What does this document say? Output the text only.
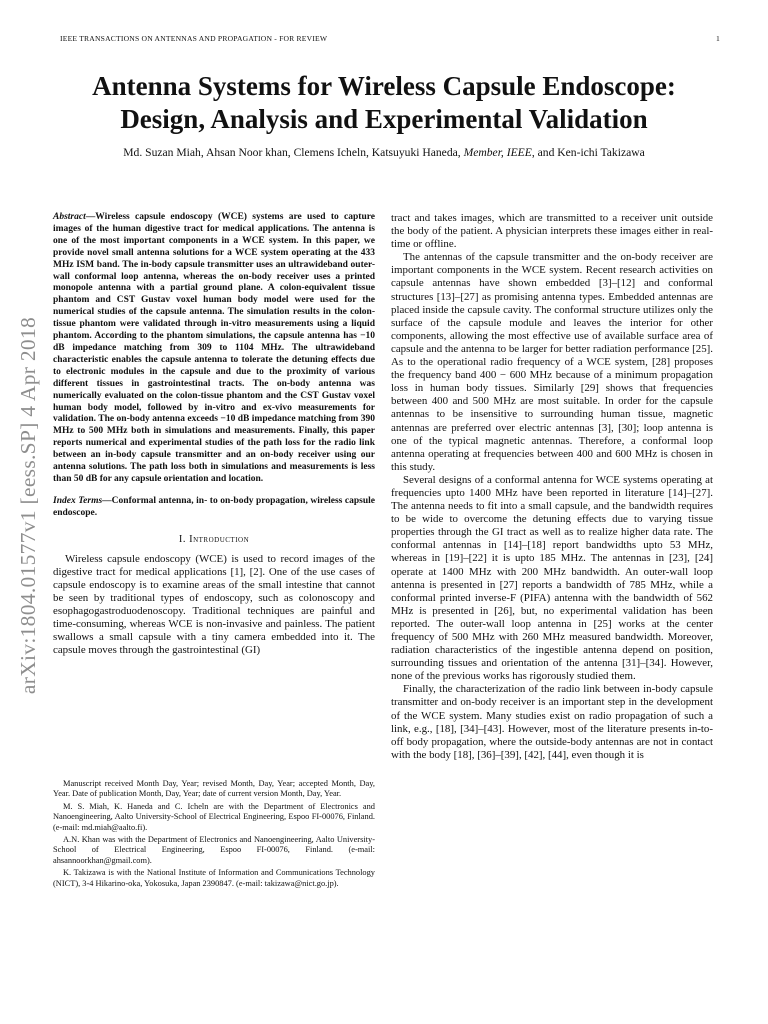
IEEE TRANSACTIONS ON ANTENNAS AND PROPAGATION - FOR REVIEW	1
arXiv:1804.01577v1 [eess.SP] 4 Apr 2018
Antenna Systems for Wireless Capsule Endoscope:
Design, Analysis and Experimental Validation
Md. Suzan Miah, Ahsan Noor khan, Clemens Icheln, Katsuyuki Haneda, Member, IEEE, and Ken-ichi Takizawa

Abstract—Wireless capsule endoscopy (WCE) systems are used to capture images of the human digestive tract for medical applications. The antenna is one of the most important components in a WCE system. In this paper, we provide novel small antenna solutions for a WCE system operating at the 433 MHz ISM band. The in-body capsule transmitter uses an ultrawideband outer-wall conformal loop antenna, whereas the on-body receiver uses a printed monopole antenna with a partial ground plane. A colon-equivalent tissue phantom and CST Gustav voxel human body model were used for the numerical studies of the capsule antenna. The simulation results in the colon-tissue phantom were validated through in-vitro measurements using a liquid phantom. According to the phantom simulations, the capsule antenna has −10 dB impedance matching from 309 to 1104 MHz. The ultrawideband characteristic enables the capsule antenna to tolerate the detuning effects due to electronic modules in the capsule and due to the proximity of various different tissues in gastrointestinal tracts. The on-body antenna was numerically evaluated on the colon-tissue phantom and the CST Gustav voxel human body model, followed by in-vitro and ex-vivo measurements for validation. The on-body antenna exceeds −10 dB impedance matching from 390 MHz to 500 MHz both in simulations and measurements. Finally, this paper reports numerical and experimental studies of the path loss for the radio link between an in-body capsule transmitter and an on-body receiver using our antenna solutions. The path loss both in simulations and measurements is less than 50 dB for any capsule orientation and location.

Index Terms—Conformal antenna, in- to on-body propagation, wireless capsule endoscope.

I. Introduction

Wireless capsule endoscopy (WCE) is used to record images of the digestive tract for medical applications [1], [2]. One of the use cases of capsule endoscopy is to examine areas of the small intestine that cannot be seen by traditional types of endoscopy, such as colonoscopy and esophagogastroduodenoscopy. Traditional techniques are painful and time-consuming, whereas WCE is non-invasive and painless. The patient swallows a small capsule with a tiny camera embedded into it. The capsule moves through the gastrointestinal (GI)

Manuscript received Month Day, Year; revised Month, Day, Year; accepted Month, Day, Year. Date of publication Month, Day, Year; date of current version Month, Day, Year.

M. S. Miah, K. Haneda and C. Icheln are with the Department of Electronics and Nanoengineering, Aalto University-School of Electrical Engineering, Espoo FI-00076, Finland. (e-mail: md.miah@aalto.fi).

A.N. Khan was with the Department of Electronics and Nanoengineering, Aalto University-School of Electrical Engineering, Espoo FI-00076, Finland. (e-mail: ahsannoorkhan@gmail.com).

K. Takizawa is with the National Institute of Information and Communications Technology (NICT), 3-4 Hikarino-oka, Yokosuka, Japan 2390847. (e-mail: takizawa@nict.go.jp).

tract and takes images, which are transmitted to a receiver unit outside the body of the patient. A physician interprets these images either in real-time or offline.

The antennas of the capsule transmitter and the on-body receiver are important components in the WCE system. Recent research activities on capsule antennas have shown embedded [3]–[12] and conformal structures [13]–[27] as promising antenna types. Embedded antennas are placed inside the capsule cavity. The conformal structure utilizes only the surface of the capsule module and leaves the interior for other components, allowing the most effective use of available surface area of capsule and the antenna to be larger for better radiation performance [25]. As to the operational radio frequency of a WCE system, [28] proposes the frequency band 400 − 600 MHz because of a minimum propagation loss in human body tissues. Similarly [29] shows that frequencies between 400 and 500 MHz are most suitable. In order for the capsule antennas to be insensitive to surrounding human tissue, magnetic antennas are preferred over electric antennas [3], [30]; loop antenna is one of the typical magnetic antennas. Therefore, a conformal loop antenna operating at frequencies between 400 and 600 MHz is chosen in this study.

Several designs of a conformal antenna for WCE systems operating at frequencies upto 1400 MHz have been reported in literature [14]–[27]. The antenna needs to fit into a small capsule, and the bandwidth requires to be wide to overcome the detuning effects due to varying tissue properties through the GI tract as well as to realize higher data rate. The conformal antennas in [14]–[18] report bandwidths upto 53 MHz, whereas in [19]–[22] it is upto 185 MHz. The antennas in [23], [24] operate at 1400 MHz with 200 MHz bandwidth. An outer-wall loop antenna is presented in [27] reports a bandwidth of 785 MHz, while a conformal printed inverse-F (PIFA) antenna with the bandwidth of 562 MHz is presented in [26], but, no experimental validation has been reported. The outer-wall loop antenna in [25] works at the center frequency of 500 MHz with 260 MHz measured bandwidth. Moreover, radiation characteristics of the ingestible antenna depend on position, surrounding tissues and orientation of the antenna [31]–[34]. However, none of the previous works has rigorously studied them.

Finally, the characterization of the radio link between in-body capsule transmitter and on-body receiver is an important step in the development of the WCE system. Many studies exist on radio propagation of such a link, e.g., [18], [34]–[43]. However, most of the literature presents in-to-off body propagation, where the outside-body antennas are not in contact with the body [18], [36]–[39], [42], [44], even though it is
